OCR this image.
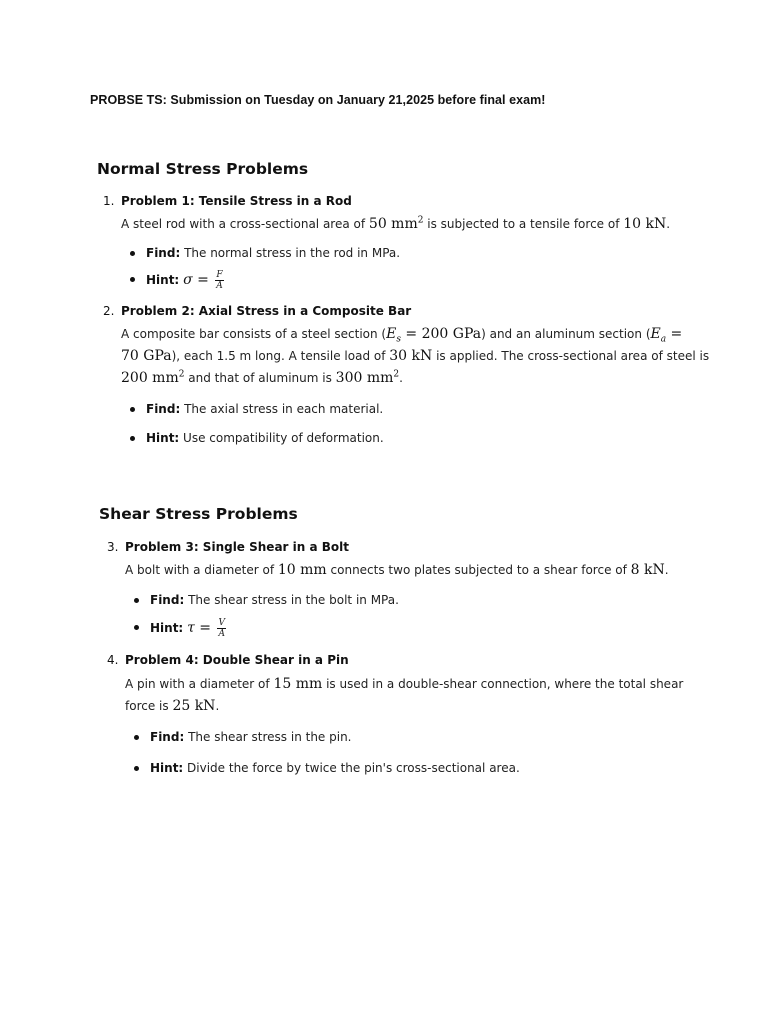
PROBSE TS: Submission on Tuesday on January 21,2025 before final exam!
Normal Stress Problems
1. Problem 1: Tensile Stress in a Rod
A steel rod with a cross-sectional area of 50 $mm^2$ is subjected to a tensile force of 10 kN.
Find: The normal stress in the rod in MPa.
Hint: $\sigma = \frac{F}{A}$
2. Problem 2: Axial Stress in a Composite Bar
A composite bar consists of a steel section ($E_s = 200$ GPa) and an aluminum section ($E_a$ =
70 GPa), each 1.5 m long. A tensile load of 30 kN is applied. The cross-sectional area of steel is
200 $mm^2$ and that of aluminum is 300 $mm^2$.
Find: The axial stress in each material.
Hint: Use compatibility of deformation.
Shear Stress Problems
3. Problem 3: Single Shear in a Bolt
A bolt with a diameter of 10 mm connects two plates subjected to a shear force of 8 kN.
Find: The shear stress in the bolt in MPa.
Hint: $\tau = \frac{V}{A}$
4. Problem 4: Double Shear in a Pin
A pin with a diameter of 15 mm is used in a double-shear connection, where the total shear
force is 25 kN.
Find: The shear stress in the pin.
Hint: Divide the force by twice the pin's cross-sectional area.
